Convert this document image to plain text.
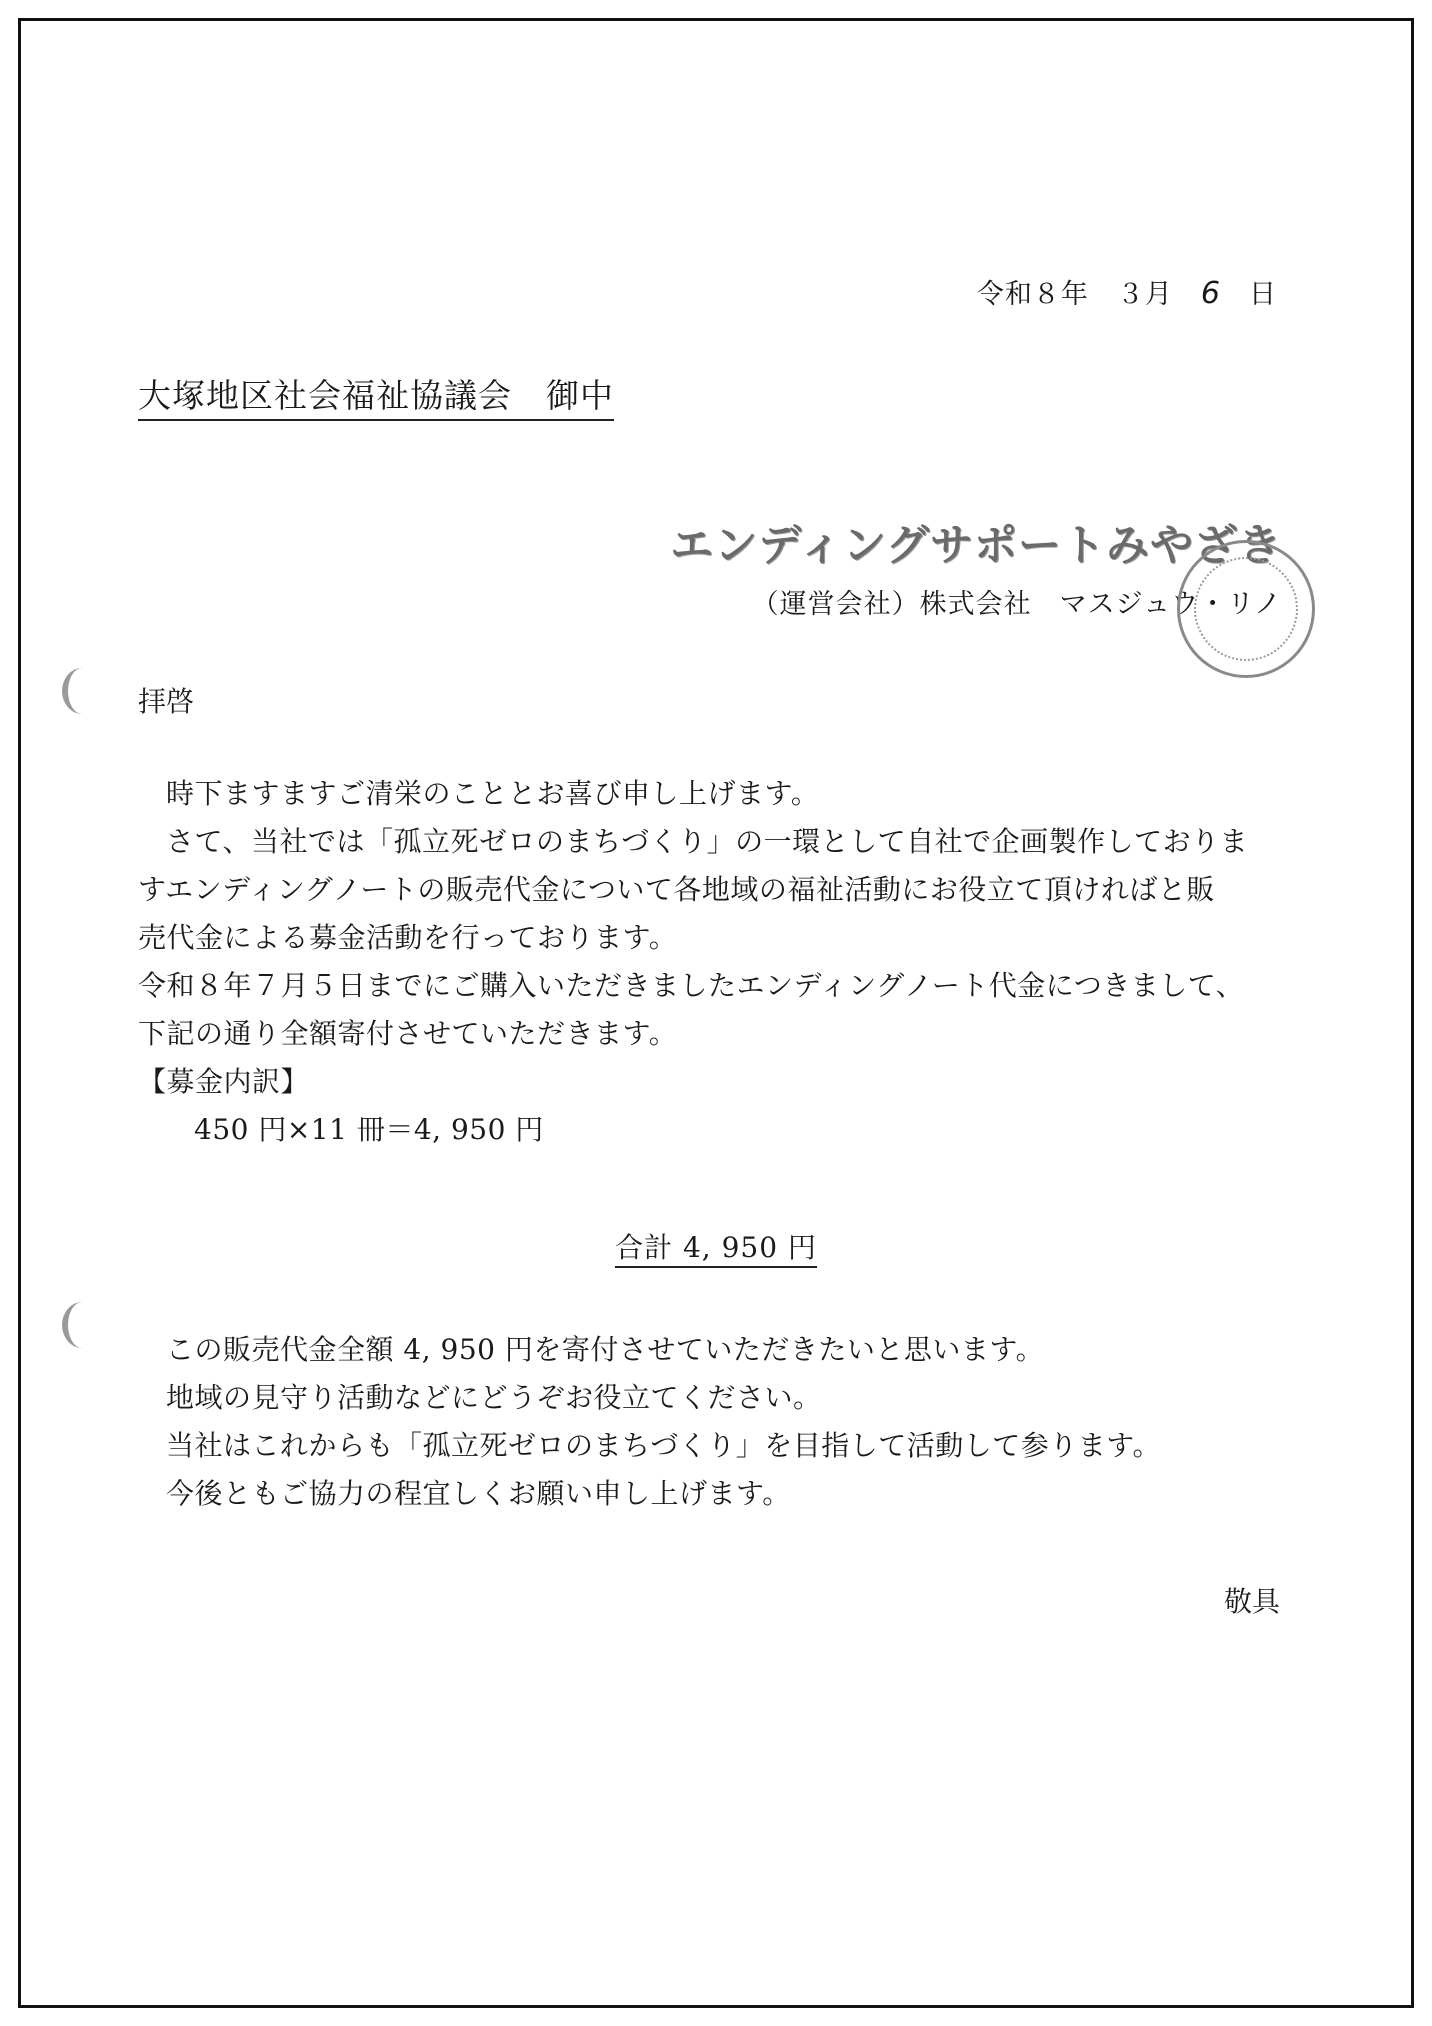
令和８年　３月　6　日
大塚地区社会福祉協議会　御中
エンディングサポートみやざき
（運営会社）株式会社　マスジュウ・リノ
拝啓

時下ますますご清栄のこととお喜び申し上げます。

さて、当社では「孤立死ゼロのまちづくり」の一環として自社で企画製作しておりま

すエンディングノートの販売代金について各地域の福祉活動にお役立て頂ければと販

売代金による募金活動を行っております。

令和８年７月５日までにご購入いただきましたエンディングノート代金につきまして、

下記の通り全額寄付させていただきます。

【募金内訳】

450 円×11 冊＝4, 950 円

合計 4, 950 円

この販売代金全額 4, 950 円を寄付させていただきたいと思います。

地域の見守り活動などにどうぞお役立てください。

当社はこれからも「孤立死ゼロのまちづくり」を目指して活動して参ります。

今後ともご協力の程宜しくお願い申し上げます。

敬具
